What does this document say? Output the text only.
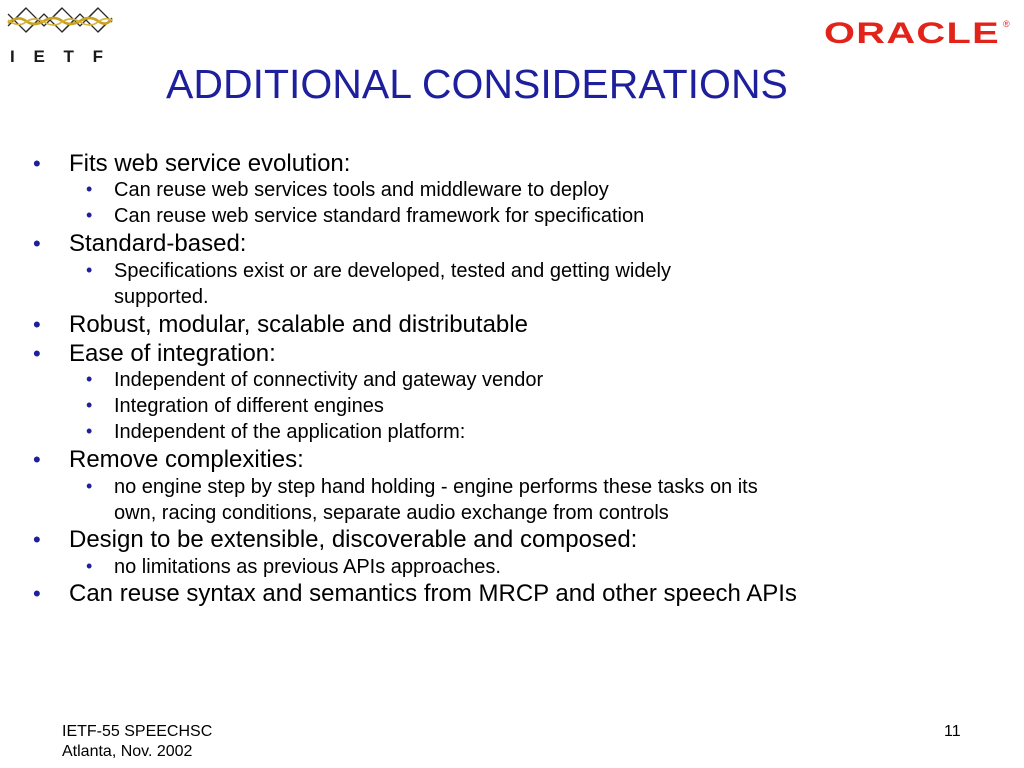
I E T F
ORACLE ®
ADDITIONAL CONSIDERATIONS
• Fits web service evolution:
• Can reuse web services tools and middleware to deploy
• Can reuse web service standard framework for specification
• Standard-based:
• Specifications exist or are developed, tested and getting widely
supported.
• Robust, modular, scalable and distributable
• Ease of integration:
• Independent of connectivity and gateway vendor
• Integration of different engines
• Independent of the application platform:
• Remove complexities:
• no engine step by step hand holding - engine performs these tasks on its
own, racing conditions, separate audio exchange from controls
• Design to be extensible, discoverable and composed:
• no limitations as previous APIs approaches.
• Can reuse syntax and semantics from MRCP and other speech APIs
IETF-55 SPEECHSC
Atlanta, Nov. 2002
11
